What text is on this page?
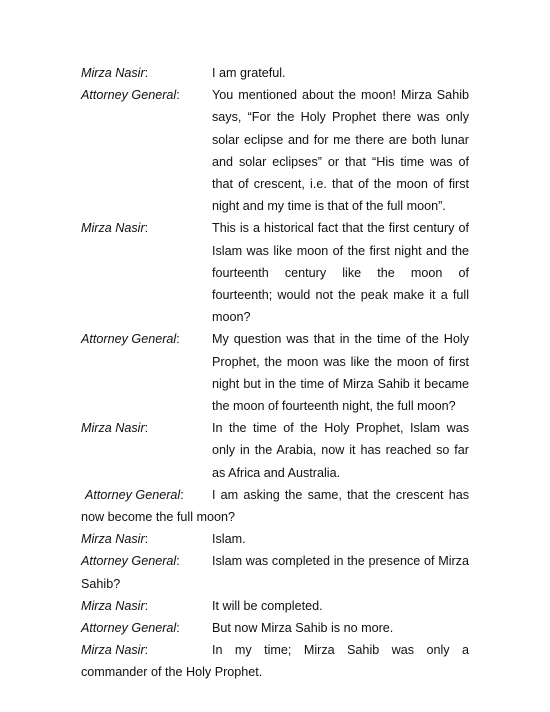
Mirza Nasir:	I am grateful.
Attorney General:	You mentioned about the moon! Mirza Sahib says, “For the Holy Prophet there was only solar eclipse and for me there are both lunar and solar eclipses” or that “His time was of that of crescent, i.e. that of the moon of first night and my time is that of the full moon”.
Mirza Nasir:	This is a historical fact that the first century of Islam was like moon of the first night and the fourteenth century like the moon of fourteenth; would not the peak make it a full moon?
Attorney General:	My question was that in the time of the Holy Prophet, the moon was like the moon of first night but in the time of Mirza Sahib it became the moon of fourteenth night, the full moon?
Mirza Nasir:	In the time of the Holy Prophet, Islam was only in the Arabia, now it has reached so far as Africa and Australia.
Attorney General: I am asking the same, that the crescent has now become the full moon?
Mirza Nasir:	Islam.
Attorney General:	Islam was completed in the presence of Mirza Sahib?
Mirza Nasir:	It will be completed.
Attorney General:	But now Mirza Sahib is no more.
Mirza Nasir:	In my time; Mirza Sahib was only a commander of the Holy Prophet.
